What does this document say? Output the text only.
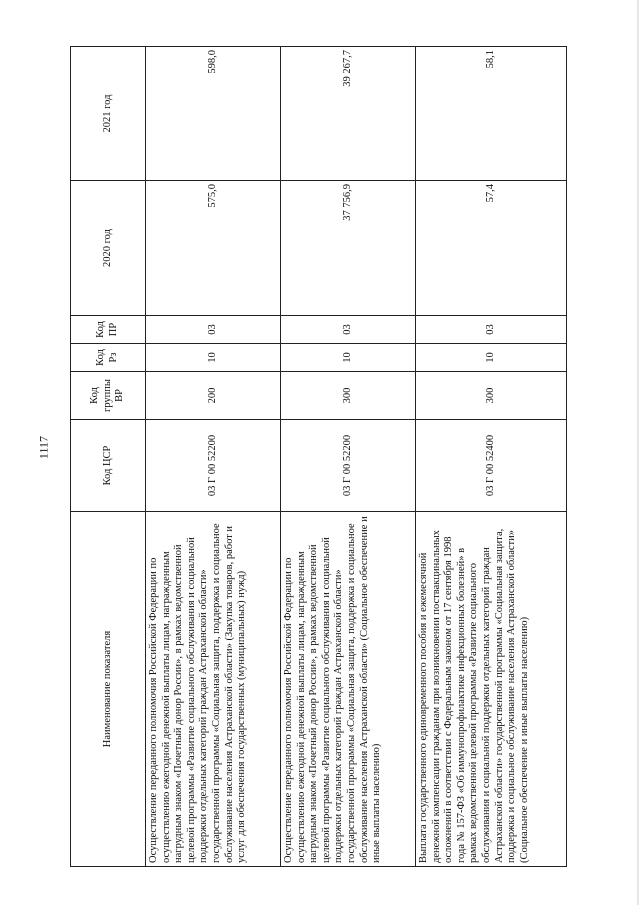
1117
Наименование показателя	Код ЦСР	Код группы ВР	Код Рз	Код ПР	2020 год	2021 год
Осуществление переданного полномочия Российской Федерации по осуществлению ежегодной денежной выплаты лицам, награжденным нагрудным знаком «Почетный донор России», в рамках ведомственной целевой программы «Развитие социального обслуживания и социальной поддержки отдельных категорий граждан Астраханской области» государственной программы «Социальная защита, поддержка и социальное обслуживание населения Астраханской области» (Закупка товаров, работ и услуг для обеспечения государственных (муниципальных) нужд)	03 Г 00 52200	200	10	03	575,0	598,0
Осуществление переданного полномочия Российской Федерации по осуществлению ежегодной денежной выплаты лицам, награжденным нагрудным знаком «Почетный донор России», в рамках ведомственной целевой программы «Развитие социального обслуживания и социальной поддержки отдельных категорий граждан Астраханской области» государственной программы «Социальная защита, поддержка и социальное обслуживание населения Астраханской области» (Социальное обеспечение и иные выплаты населению)	03 Г 00 52200	300	10	03	37 756,9	39 267,7
Выплата государственного единовременного пособия и ежемесячной денежной компенсации гражданам при возникновении поствакцинальных осложнений в соответствии с Федеральным законом от 17 сентября 1998 года № 157-ФЗ «Об иммунопрофилактике инфекционных болезней» в рамках ведомственной целевой программы «Развитие социального обслуживания и социальной поддержки отдельных категорий граждан Астраханской области» государственной программы «Социальная защита, поддержка и социальное обслуживание населения Астраханской области» (Социальное обеспечение и иные выплаты населению)	03 Г 00 52400	300	10	03	57,4	58,1
